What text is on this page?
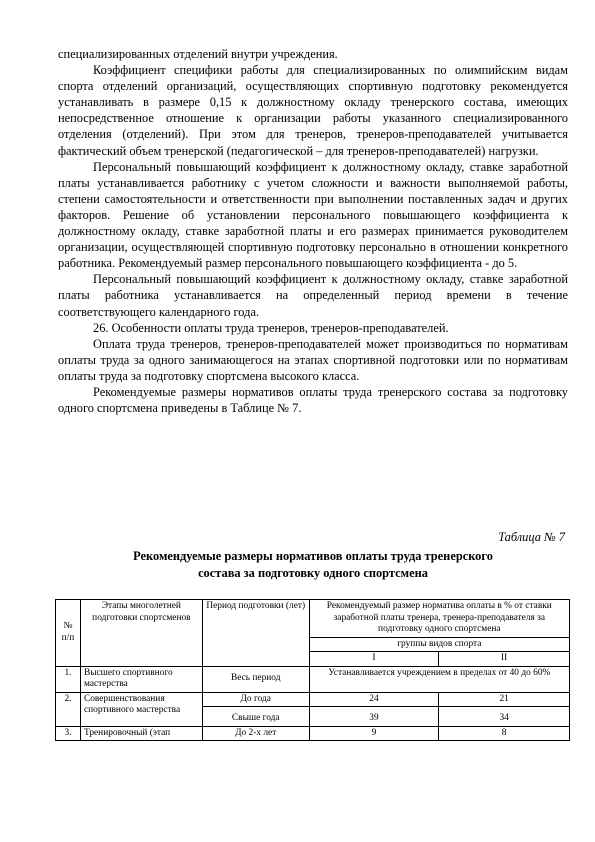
специализированных отделений внутри учреждения.

Коэффициент специфики работы для специализированных по олимпийским видам спорта отделений организаций, осуществляющих спортивную подготовку рекомендуется устанавливать в размере 0,15 к должностному окладу тренерского состава, имеющих непосредственное отношение к организации работы указанного специализированного отделения (отделений). При этом для тренеров, тренеров-преподавателей учитывается фактический объем тренерской (педагогической – для тренеров-преподавателей) нагрузки.

Персональный повышающий коэффициент к должностному окладу, ставке заработной платы устанавливается работнику с учетом сложности и важности выполняемой работы, степени самостоятельности и ответственности при выполнении поставленных задач и других факторов. Решение об установлении персонального повышающего коэффициента к должностному окладу, ставке заработной платы и его размерах принимается руководителем организации, осуществляющей спортивную подготовку персонально в отношении конкретного работника. Рекомендуемый размер персонального повышающего коэффициента - до 5.

Персональный повышающий коэффициент к должностному окладу, ставке заработной платы работника устанавливается на определенный период времени в течение соответствующего календарного года.

26. Особенности оплаты труда тренеров, тренеров-преподавателей.

Оплата труда тренеров, тренеров-преподавателей может производиться по нормативам оплаты труда за одного занимающегося на этапах спортивной подготовки или по нормативам оплаты труда за подготовку спортсмена высокого класса.

Рекомендуемые размеры нормативов оплаты труда тренерского состава за подготовку одного спортсмена приведены в Таблице № 7.

Таблица № 7
Рекомендуемые размеры нормативов оплаты труда тренерского
состава за подготовку одного спортсмена
№ п/п	Этапы многолетней подготовки спортсменов	Период подготовки (лет)	Рекомендуемый размер норматива оплаты в % от ставки заработной платы тренера, тренера-преподавателя за подготовку одного спортсмена	
			группы видов спорта	
			I	II
1.	Высшего спортивного мастерства	Весь период	Устанавливается учреждением в пределах от 40 до 60%	
2.	Совершенствования спортивного мастерства	До года	24	21
		Свыше года	39	34
3.	Тренировочный (этап	До 2-х лет	9	8
